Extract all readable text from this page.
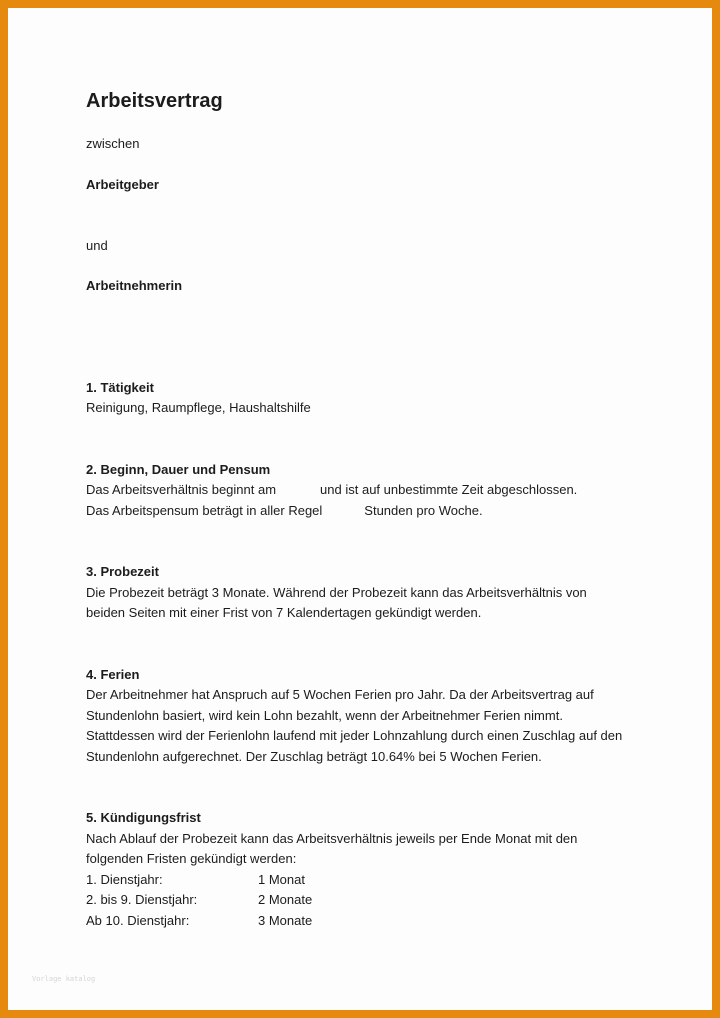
Arbeitsvertrag

zwischen

Arbeitgeber

und

Arbeitnehmerin

1. Tätigkeit

Reinigung, Raumpflege, Haushaltshilfe

2. Beginn, Dauer und Pensum

Das Arbeitsverhältnis beginnt am	und ist auf unbestimmte Zeit abgeschlossen.

Das Arbeitspensum beträgt in aller Regel	Stunden pro Woche.

3. Probezeit

Die Probezeit beträgt 3 Monate. Während der Probezeit kann das Arbeitsverhältnis von

beiden Seiten mit einer Frist von 7 Kalendertagen gekündigt werden.

4. Ferien

Der Arbeitnehmer hat Anspruch auf 5 Wochen Ferien pro Jahr. Da der Arbeitsvertrag auf

Stundenlohn basiert, wird kein Lohn bezahlt, wenn der Arbeitnehmer Ferien nimmt.

Stattdessen wird der Ferienlohn laufend mit jeder Lohnzahlung durch einen Zuschlag auf den

Stundenlohn aufgerechnet. Der Zuschlag beträgt 10.64% bei 5 Wochen Ferien.

5. Kündigungsfrist

Nach Ablauf der Probezeit kann das Arbeitsverhältnis jeweils per Ende Monat mit den

folgenden Fristen gekündigt werden:

1. Dienstjahr:	1 Monat
2. bis 9. Dienstjahr:	2 Monate
Ab 10. Dienstjahr:	3 Monate
Vorlage katalog
